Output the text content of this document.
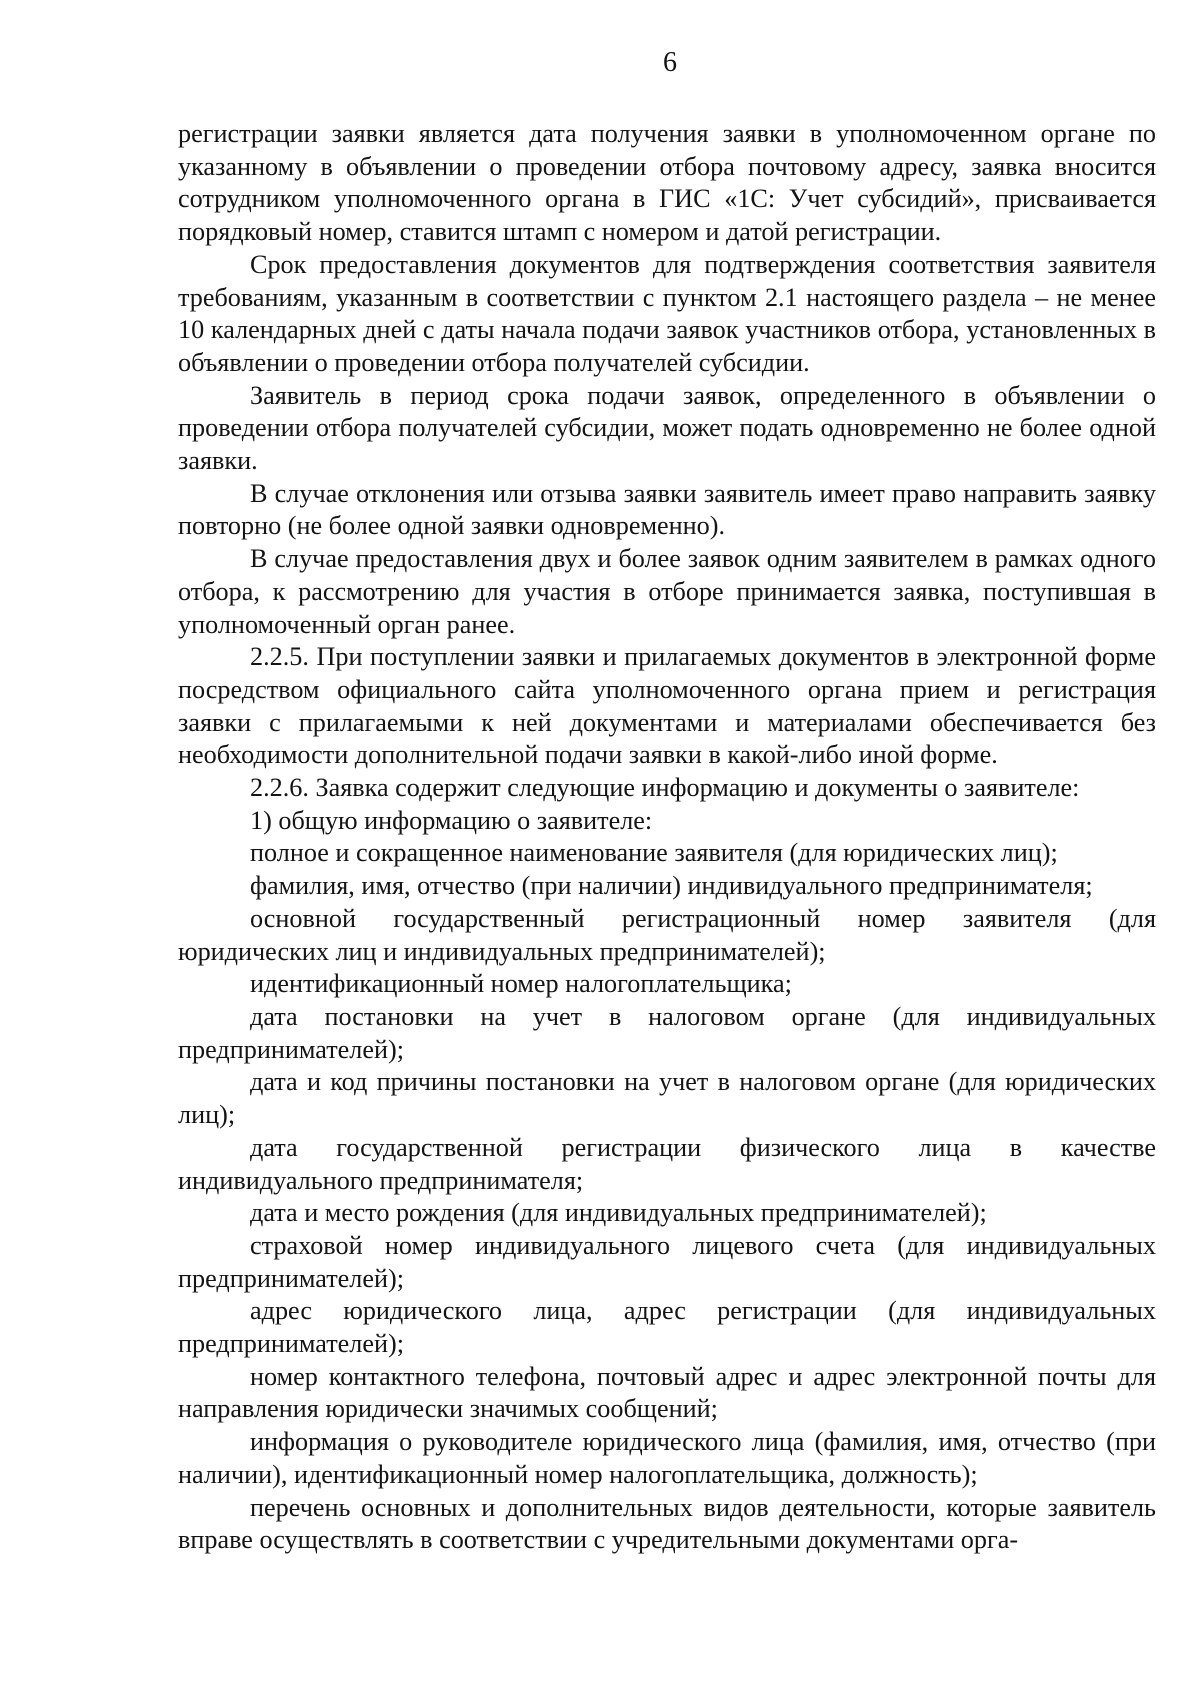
6

регистрации заявки является дата получения заявки в уполномоченном органе по указанному в объявлении о проведении отбора почтовому адресу, заявка вносится сотрудником уполномоченного органа в ГИС «1С: Учет субсидий», присваивается порядковый номер, ставится штамп с номером и датой регистрации.

Срок предоставления документов для подтверждения соответствия заявителя требованиям, указанным в соответствии с пунктом 2.1 настоящего раздела – не менее 10 календарных дней с даты начала подачи заявок участников отбора, установленных в объявлении о проведении отбора получателей субсидии.

Заявитель в период срока подачи заявок, определенного в объявлении о проведении отбора получателей субсидии, может подать одновременно не более одной заявки.

В случае отклонения или отзыва заявки заявитель имеет право направить заявку повторно (не более одной заявки одновременно).

В случае предоставления двух и более заявок одним заявителем в рамках одного отбора, к рассмотрению для участия в отборе принимается заявка, поступившая в уполномоченный орган ранее.

2.2.5. При поступлении заявки и прилагаемых документов в электронной форме посредством официального сайта уполномоченного органа прием и регистрация заявки с прилагаемыми к ней документами и материалами обеспечивается без необходимости дополнительной подачи заявки в какой-либо иной форме.

2.2.6. Заявка содержит следующие информацию и документы о заявителе:

1) общую информацию о заявителе:

полное и сокращенное наименование заявителя (для юридических лиц);

фамилия, имя, отчество (при наличии) индивидуального предпринимателя;

основной государственный регистрационный номер заявителя (для юридических лиц и индивидуальных предпринимателей);

идентификационный номер налогоплательщика;

дата постановки на учет в налоговом органе (для индивидуальных предпринимателей);

дата и код причины постановки на учет в налоговом органе (для юридических лиц);

дата государственной регистрации физического лица в качестве индивидуального предпринимателя;

дата и место рождения (для индивидуальных предпринимателей);

страховой номер индивидуального лицевого счета (для индивидуальных предпринимателей);

адрес юридического лица, адрес регистрации (для индивидуальных предпринимателей);

номер контактного телефона, почтовый адрес и адрес электронной почты для направления юридически значимых сообщений;

информация о руководителе юридического лица (фамилия, имя, отчество (при наличии), идентификационный номер налогоплательщика, должность);

перечень основных и дополнительных видов деятельности, которые заявитель вправе осуществлять в соответствии с учредительными документами орга-
